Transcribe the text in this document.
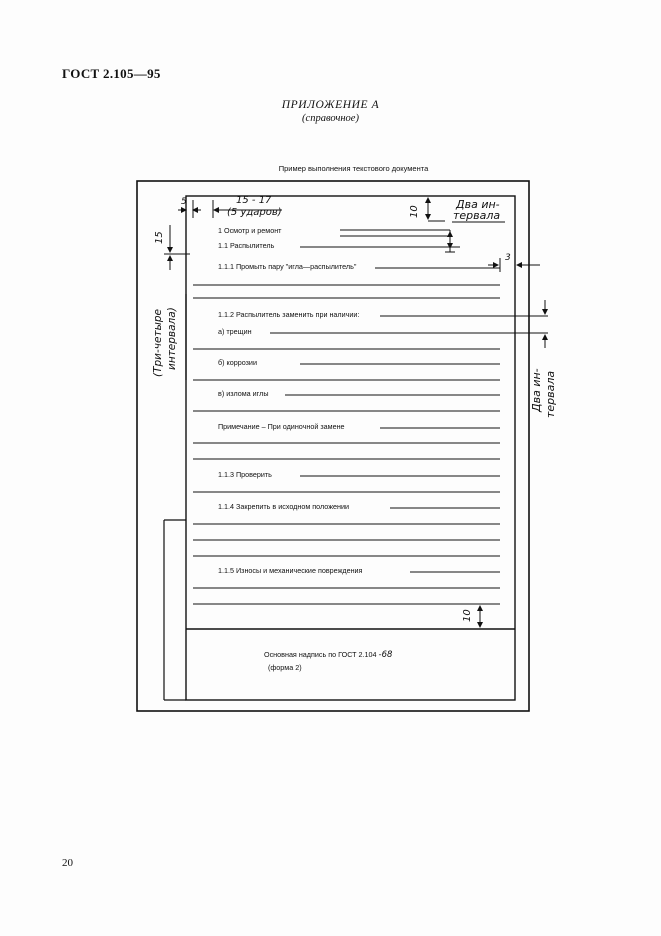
ГОСТ 2.105—95
ПРИЛОЖЕНИЕ А
(справочное)
Пример выполнения текстового документа
1 Осмотр и ремонт
1.1 Распылитель
1.1.1 Промыть пару "игла—распылитель"
1.1.2 Распылитель заменить при наличии:
а) трещин
б) коррозии
в) излома иглы
Примечание – При одиночной замене
1.1.3 Проверить
1.1.4 Закрепить в исходном положении
1.1.5 Износы и механические повреждения
Основная надпись по ГОСТ 2.104 -68
(форма 2)
5	15 - 17
(5 ударов)	10
Два ин-
тервала
15
(Три-четыре интервала)
3
Два ин- тервала
10
20
